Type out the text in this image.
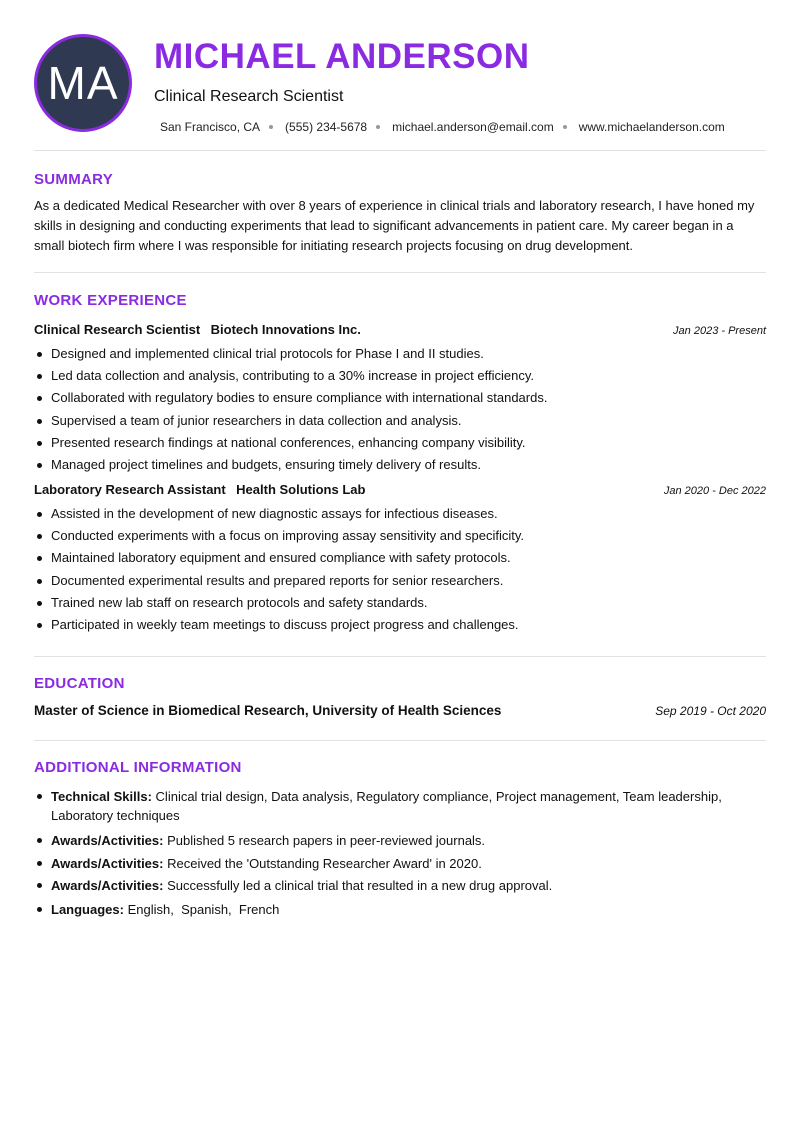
MA
MICHAEL ANDERSON
Clinical Research Scientist
San Francisco, CA (555) 234-5678 michael.anderson@email.com www.michaelanderson.com
SUMMARY

As a dedicated Medical Researcher with over 8 years of experience in clinical trials and laboratory research, I have honed my skills in designing and conducting experiments that lead to significant advancements in patient care. My career began in a small biotech firm where I was responsible for initiating research projects focusing on drug development.

WORK EXPERIENCE
Clinical Research Scientist Biotech Innovations Inc.	Jan 2023 - Present
Designed and implemented clinical trial protocols for Phase I and II studies.
Led data collection and analysis, contributing to a 30% increase in project efficiency.
Collaborated with regulatory bodies to ensure compliance with international standards.
Supervised a team of junior researchers in data collection and analysis.
Presented research findings at national conferences, enhancing company visibility.
Managed project timelines and budgets, ensuring timely delivery of results.
Laboratory Research Assistant Health Solutions Lab	Jan 2020 - Dec 2022
Assisted in the development of new diagnostic assays for infectious diseases.
Conducted experiments with a focus on improving assay sensitivity and specificity.
Maintained laboratory equipment and ensured compliance with safety protocols.
Documented experimental results and prepared reports for senior researchers.
Trained new lab staff on research protocols and safety standards.
Participated in weekly team meetings to discuss project progress and challenges.
EDUCATION
Master of Science in Biomedical Research, University of Health Sciences	Sep 2019 - Oct 2020
ADDITIONAL INFORMATION
Technical Skills: Clinical trial design, Data analysis, Regulatory compliance, Project management, Team leadership, Laboratory techniques
Awards/Activities: Published 5 research papers in peer-reviewed journals.
Awards/Activities: Received the 'Outstanding Researcher Award' in 2020.
Awards/Activities: Successfully led a clinical trial that resulted in a new drug approval.
Languages: English,  Spanish,  French
